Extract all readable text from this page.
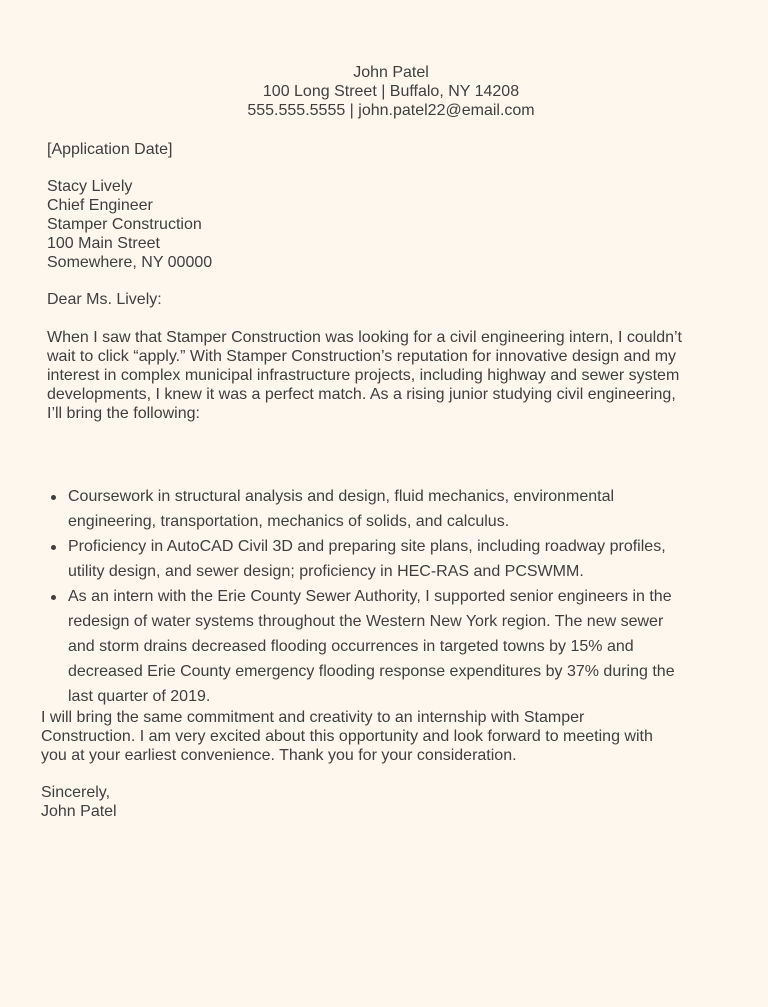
John Patel
100 Long Street | Buffalo, NY 14208
555.555.5555 | john.patel22@email.com
[Application Date]
Stacy Lively
Chief Engineer
Stamper Construction
100 Main Street
Somewhere, NY 00000
Dear Ms. Lively:
When I saw that Stamper Construction was looking for a civil engineering intern, I couldn’t
wait to click “apply.” With Stamper Construction’s reputation for innovative design and my
interest in complex municipal infrastructure projects, including highway and sewer system
developments, I knew it was a perfect match. As a rising junior studying civil engineering,
I’ll bring the following:
Coursework in structural analysis and design, fluid mechanics, environmental
engineering, transportation, mechanics of solids, and calculus.
Proficiency in AutoCAD Civil 3D and preparing site plans, including roadway profiles,
utility design, and sewer design; proficiency in HEC-RAS and PCSWMM.
As an intern with the Erie County Sewer Authority, I supported senior engineers in the
redesign of water systems throughout the Western New York region. The new sewer
and storm drains decreased flooding occurrences in targeted towns by 15% and
decreased Erie County emergency flooding response expenditures by 37% during the
last quarter of 2019.
I will bring the same commitment and creativity to an internship with Stamper
Construction. I am very excited about this opportunity and look forward to meeting with
you at your earliest convenience. Thank you for your consideration.
Sincerely,
John Patel
